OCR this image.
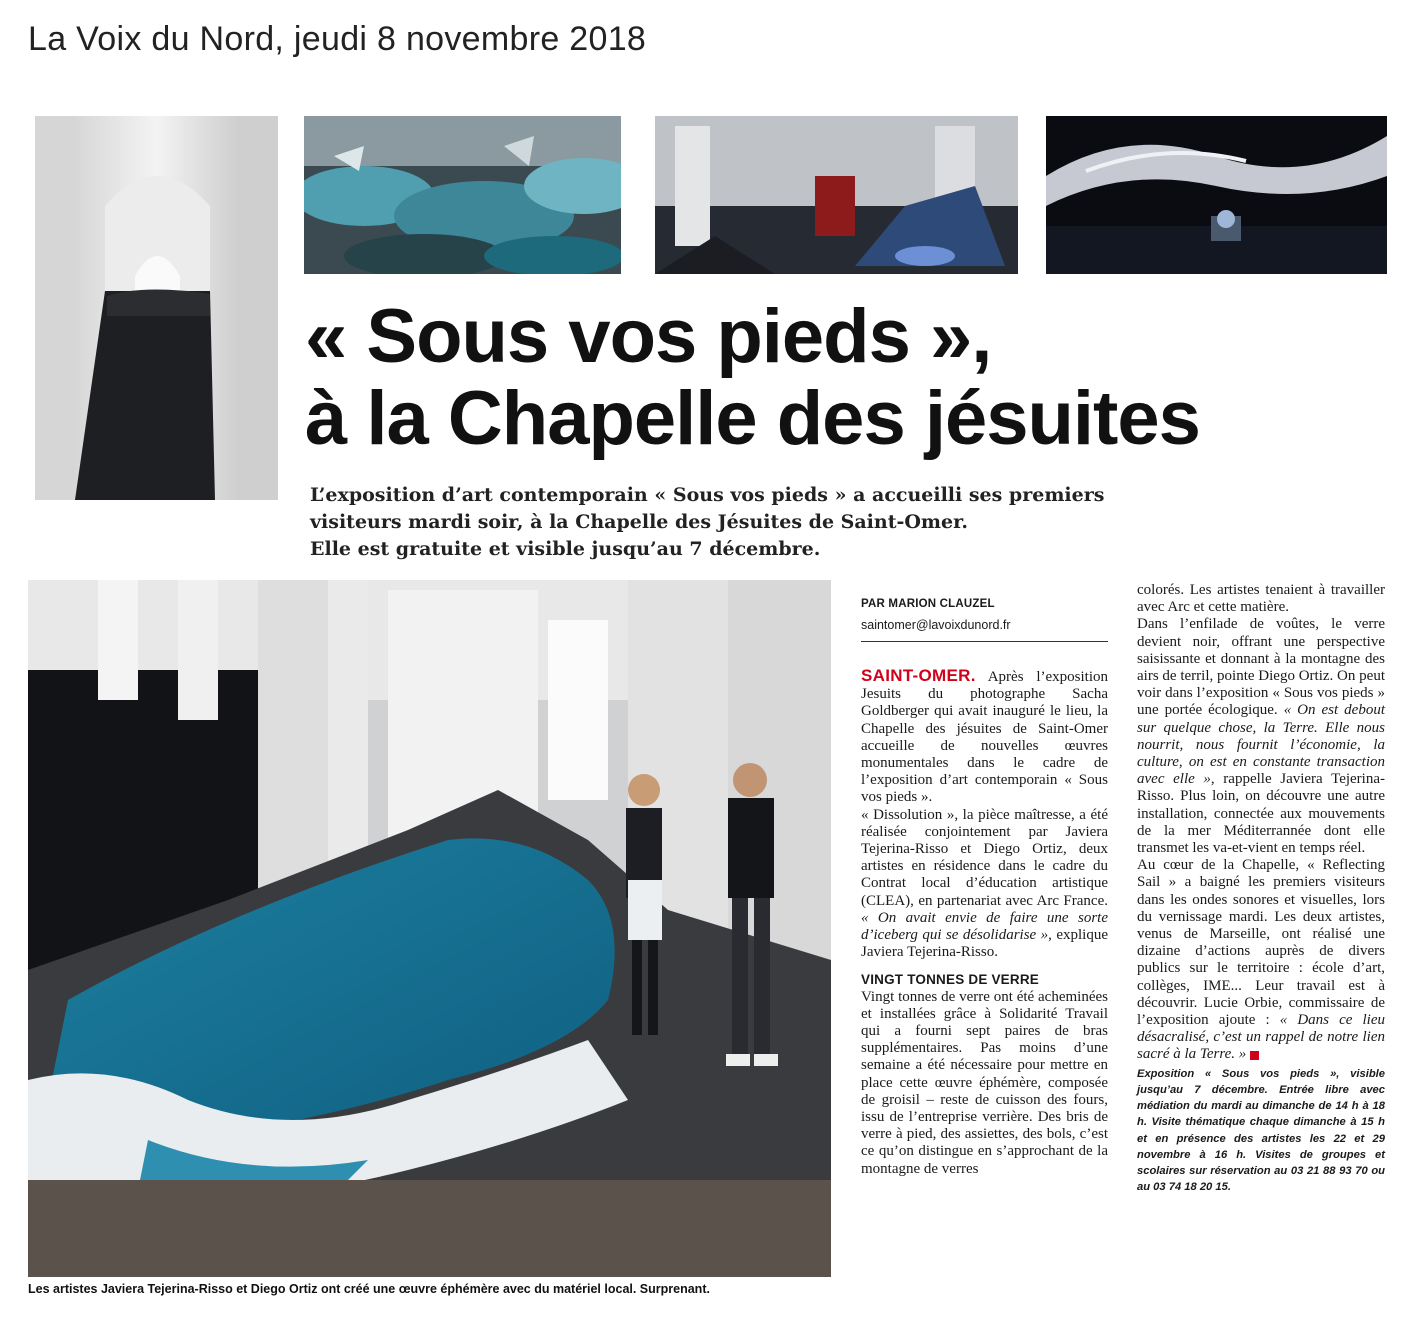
La Voix du Nord, jeudi 8 novembre 2018
« Sous vos pieds »,
à la Chapelle des jésuites
L’exposition d’art contemporain « Sous vos pieds » a accueilli ses premiers
visiteurs mardi soir, à la Chapelle des Jésuites de Saint-Omer.
Elle est gratuite et visible jusqu’au 7 décembre.
Les artistes Javiera Tejerina-Risso et Diego Ortiz ont créé une œuvre éphémère avec du matériel local. Surprenant.
PAR MARION CLAUZEL
saintomer@lavoixdunord.fr

SAINT-OMER. Après l’exposition Jesuits du photographe Sacha Goldberger qui avait inauguré le lieu, la Chapelle des jésuites de Saint-Omer accueille de nouvelles œuvres monumentales dans le cadre de l’exposition d’art contemporain « Sous vos pieds ».

« Dissolution », la pièce maîtresse, a été réalisée conjointement par Javiera Tejerina-Risso et Diego Ortiz, deux artistes en résidence dans le cadre du Contrat local d’éducation artistique (CLEA), en partenariat avec Arc France. « On avait envie de faire une sorte d’iceberg qui se désolidarise », explique Javiera Tejerina-Risso.

VINGT TONNES DE VERRE

Vingt tonnes de verre ont été acheminées et installées grâce à Solidarité Travail qui a fourni sept paires de bras supplémentaires. Pas moins d’une semaine a été nécessaire pour mettre en place cette œuvre éphémère, composée de groisil – reste de cuisson des fours, issu de l’entreprise verrière. Des bris de verre à pied, des assiettes, des bols, c’est ce qu’on distingue en s’approchant de la montagne de verres

colorés. Les artistes tenaient à travailler avec Arc et cette matière.

Dans l’enfilade de voûtes, le verre devient noir, offrant une perspective saisissante et donnant à la montagne des airs de terril, pointe Diego Ortiz. On peut voir dans l’exposition « Sous vos pieds » une portée écologique. « On est debout sur quelque chose, la Terre. Elle nous nourrit, nous fournit l’économie, la culture, on est en constante transaction avec elle », rappelle Javiera Tejerina-Risso. Plus loin, on découvre une autre installation, connectée aux mouvements de la mer Méditerrannée dont elle transmet les va-et-vient en temps réel.

Au cœur de la Chapelle, « Reflecting Sail » a baigné les premiers visiteurs dans les ondes sonores et visuelles, lors du vernissage mardi. Les deux artistes, venus de Marseille, ont réalisé une dizaine d’actions auprès de divers publics sur le territoire : école d’art, collèges, IME... Leur travail est à découvrir. Lucie Orbie, commissaire de l’exposition ajoute : « Dans ce lieu désacralisé, c’est un rappel de notre lien sacré à la Terre. »

Exposition « Sous vos pieds », visible jusqu’au 7 décembre. Entrée libre avec médiation du mardi au dimanche de 14 h à 18 h. Visite thématique chaque dimanche à 15 h et en présence des artistes les 22 et 29 novembre à 16 h. Visites de groupes et scolaires sur réservation au 03 21 88 93 70 ou au 03 74 18 20 15.
